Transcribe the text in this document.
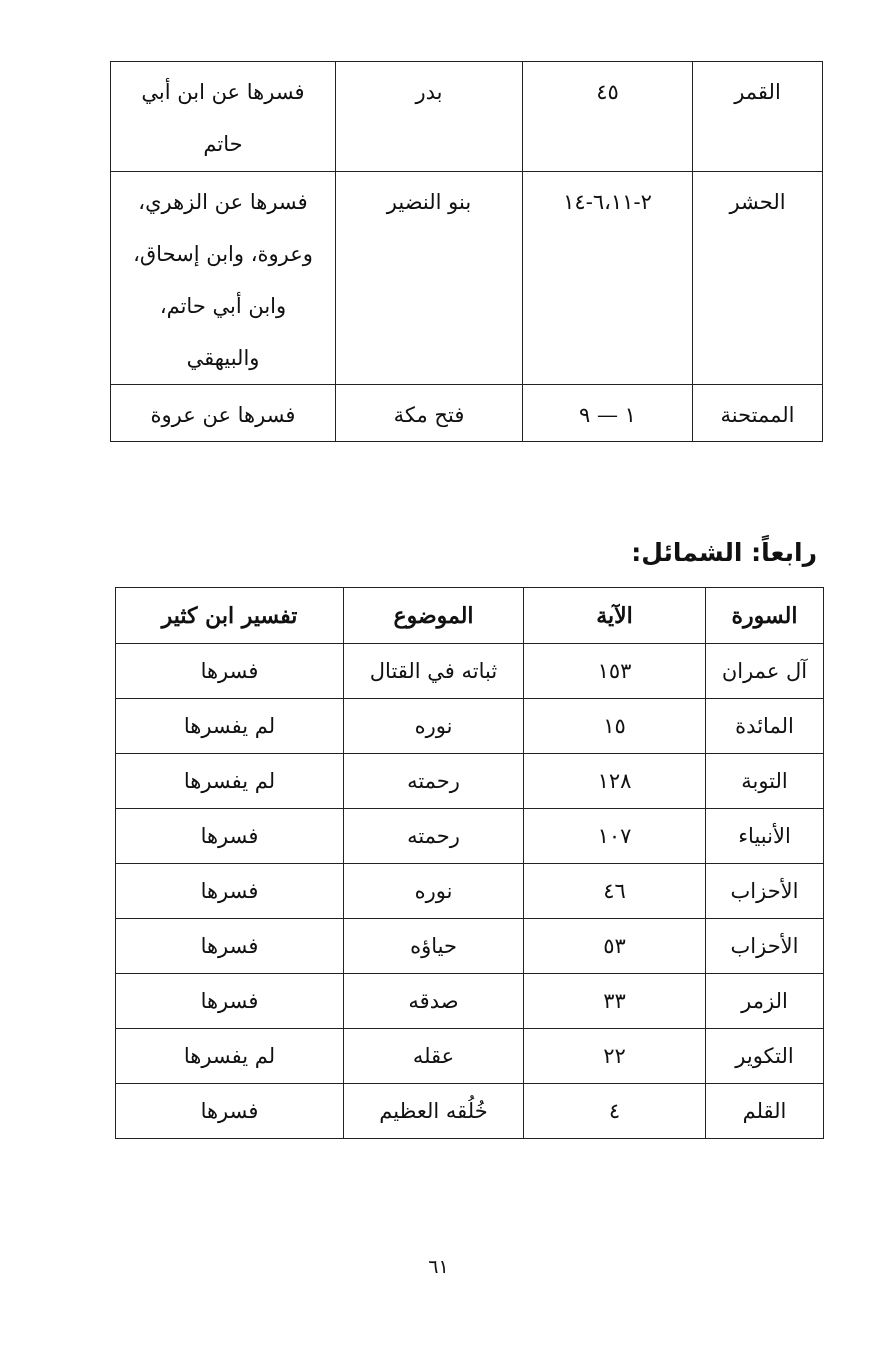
القمر	٤٥	بدر	فسرها عن ابن أبي حاتم

الحشر	٢-٦،١١-١٤	بنو النضير	فسرها عن الزهري، وعروة، وابن إسحاق، وابن أبي حاتم، والبيهقي

الممتحنة	١ — ٩	فتح مكة	فسرها عن عروة
رابعاً: الشمائل:
السورة	الآية	الموضوع	تفسير ابن كثير
آل عمران	١٥٣	ثباته في القتال	فسرها
المائدة	١٥	نوره	لم يفسرها
التوبة	١٢٨	رحمته	لم يفسرها
الأنبياء	١٠٧	رحمته	فسرها
الأحزاب	٤٦	نوره	فسرها
الأحزاب	٥٣	حياؤه	فسرها
الزمر	٣٣	صدقه	فسرها
التكوير	٢٢	عقله	لم يفسرها
القلم	٤	خُلُقه العظيم	فسرها
٦١
